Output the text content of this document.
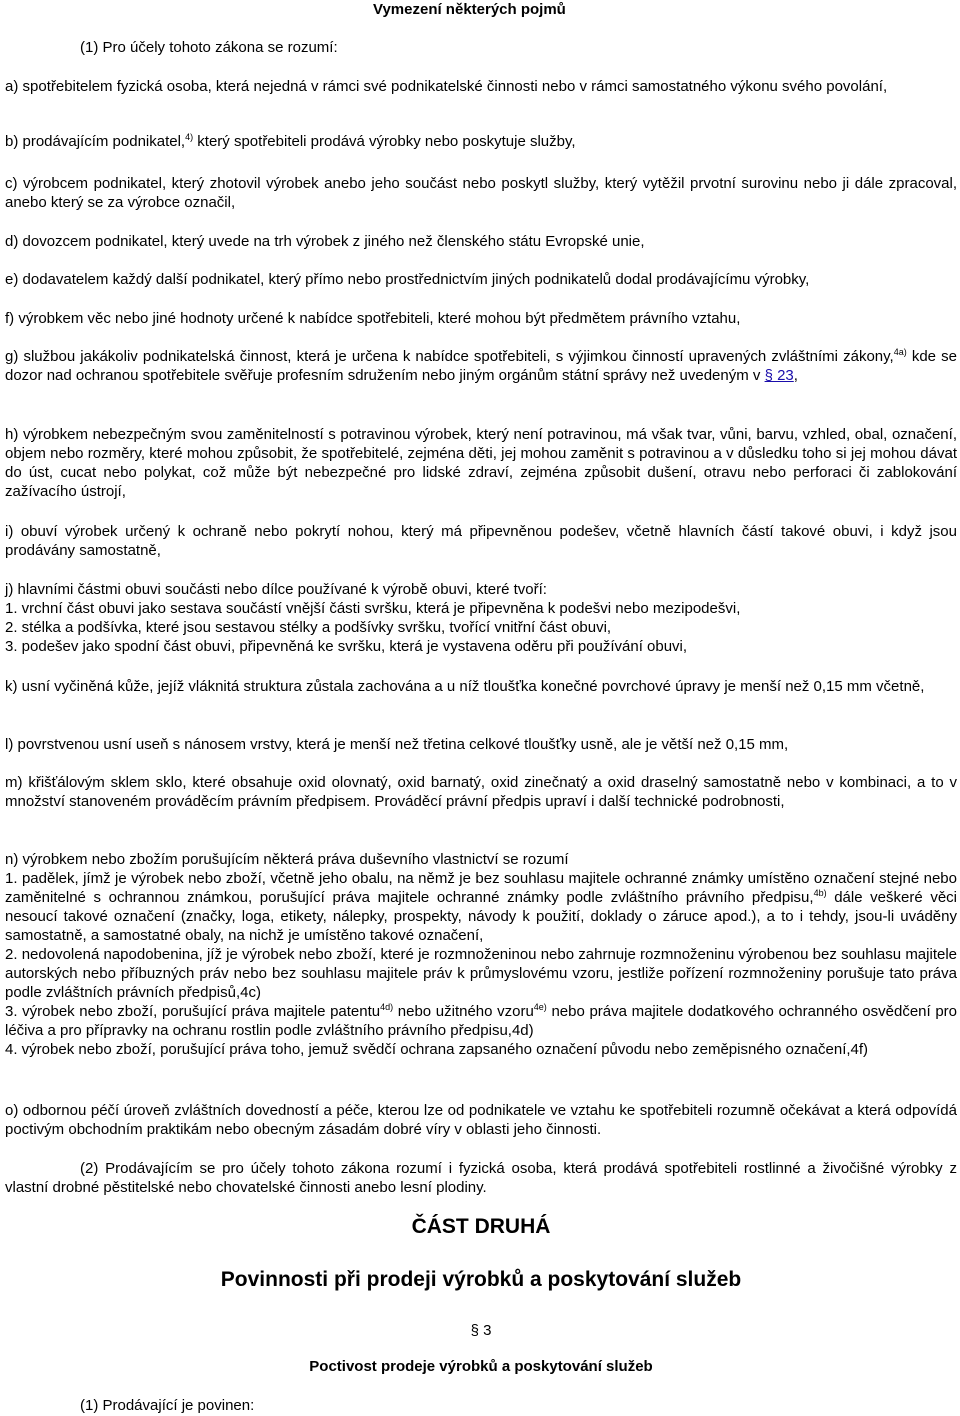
Vymezení některých pojmů
(1) Pro účely tohoto zákona se rozumí:
a) spotřebitelem fyzická osoba, která nejedná v rámci své podnikatelské činnosti nebo v rámci samostatného výkonu svého povolání,
b) prodávajícím podnikatel,$^{4)}$ který spotřebiteli prodává výrobky nebo poskytuje služby,
c) výrobcem podnikatel, který zhotovil výrobek anebo jeho součást nebo poskytl služby, který vytěžil prvotní surovinu nebo ji dále zpracoval, anebo který se za výrobce označil,
d) dovozcem podnikatel, který uvede na trh výrobek z jiného než členského státu Evropské unie,
e) dodavatelem každý další podnikatel, který přímo nebo prostřednictvím jiných podnikatelů dodal prodávajícímu výrobky,
f) výrobkem věc nebo jiné hodnoty určené k nabídce spotřebiteli, které mohou být předmětem právního vztahu,
g) službou jakákoliv podnikatelská činnost, která je určena k nabídce spotřebiteli, s výjimkou činností upravených zvláštními zákony,$^{4a)}$ kde se dozor nad ochranou spotřebitele svěřuje profesním sdružením nebo jiným orgánům státní správy než uvedeným v § 23,
h) výrobkem nebezpečným svou zaměnitelností s potravinou výrobek, který není potravinou, má však tvar, vůni, barvu, vzhled, obal, označení, objem nebo rozměry, které mohou způsobit, že spotřebitelé, zejména děti, jej mohou zaměnit s potravinou a v důsledku toho si jej mohou dávat do úst, cucat nebo polykat, což může být nebezpečné pro lidské zdraví, zejména způsobit dušení, otravu nebo perforaci či zablokování zažívacího ústrojí,
i) obuví výrobek určený k ochraně nebo pokrytí nohou, který má připevněnou podešev, včetně hlavních částí takové obuvi, i když jsou prodávány samostatně,

j) hlavními částmi obuvi součásti nebo dílce používané k výrobě obuvi, které tvoří:

1. vrchní část obuvi jako sestava součástí vnější části svršku, která je připevněna k podešvi nebo mezipodešvi,

2. stélka a podšívka, které jsou sestavou stélky a podšívky svršku, tvořící vnitřní část obuvi,

3. podešev jako spodní část obuvi, připevněná ke svršku, která je vystavena oděru při používání obuvi,

k) usní vyčiněná kůže, jejíž vláknitá struktura zůstala zachována a u níž tloušťka konečné povrchové úpravy je menší než 0,15 mm včetně,
l) povrstvenou usní useň s nánosem vrstvy, která je menší než třetina celkové tloušťky usně, ale je větší než 0,15 mm,
m) křišťálovým sklem sklo, které obsahuje oxid olovnatý, oxid barnatý, oxid zinečnatý a oxid draselný samostatně nebo v kombinaci, a to v množství stanoveném prováděcím právním předpisem. Prováděcí právní předpis upraví i další technické podrobnosti,

n) výrobkem nebo zbožím porušujícím některá práva duševního vlastnictví se rozumí

1. padělek, jímž je výrobek nebo zboží, včetně jeho obalu, na němž je bez souhlasu majitele ochranné známky umístěno označení stejné nebo zaměnitelné s ochrannou známkou, porušující práva majitele ochranné známky podle zvláštního právního předpisu,$^{4b)}$ dále veškeré věci nesoucí takové označení (značky, loga, etikety, nálepky, prospekty, návody k použití, doklady o záruce apod.), a to i tehdy, jsou-li uváděny samostatně, a samostatné obaly, na nichž je umístěno takové označení,

2. nedovolená napodobenina, jíž je výrobek nebo zboží, které je rozmnoženinou nebo zahrnuje rozmnoženinu výrobenou bez souhlasu majitele autorských nebo příbuzných práv nebo bez souhlasu majitele práv k průmyslovému vzoru, jestliže pořízení rozmnoženiny porušuje tato práva podle zvláštních právních předpisů,4c)

3. výrobek nebo zboží, porušující práva majitele patentu$^{4d)}$ nebo užitného vzoru$^{4e)}$ nebo práva majitele dodatkového ochranného osvědčení pro léčiva a pro přípravky na ochranu rostlin podle zvláštního právního předpisu,4d)

4. výrobek nebo zboží, porušující práva toho, jemuž svědčí ochrana zapsaného označení původu nebo zeměpisného označení,4f)

o) odbornou péčí úroveň zvláštních dovedností a péče, kterou lze od podnikatele ve vztahu ke spotřebiteli rozumně očekávat a která odpovídá poctivým obchodním praktikám nebo obecným zásadám dobré víry v oblasti jeho činnosti.
(2) Prodávajícím se pro účely tohoto zákona rozumí i fyzická osoba, která prodává spotřebiteli rostlinné a živočišné výrobky z vlastní drobné pěstitelské nebo chovatelské činnosti anebo lesní plodiny.
ČÁST DRUHÁ
Povinnosti při prodeji výrobků a poskytování služeb
§ 3
Poctivost prodeje výrobků a poskytování služeb
(1) Prodávající je povinen:
